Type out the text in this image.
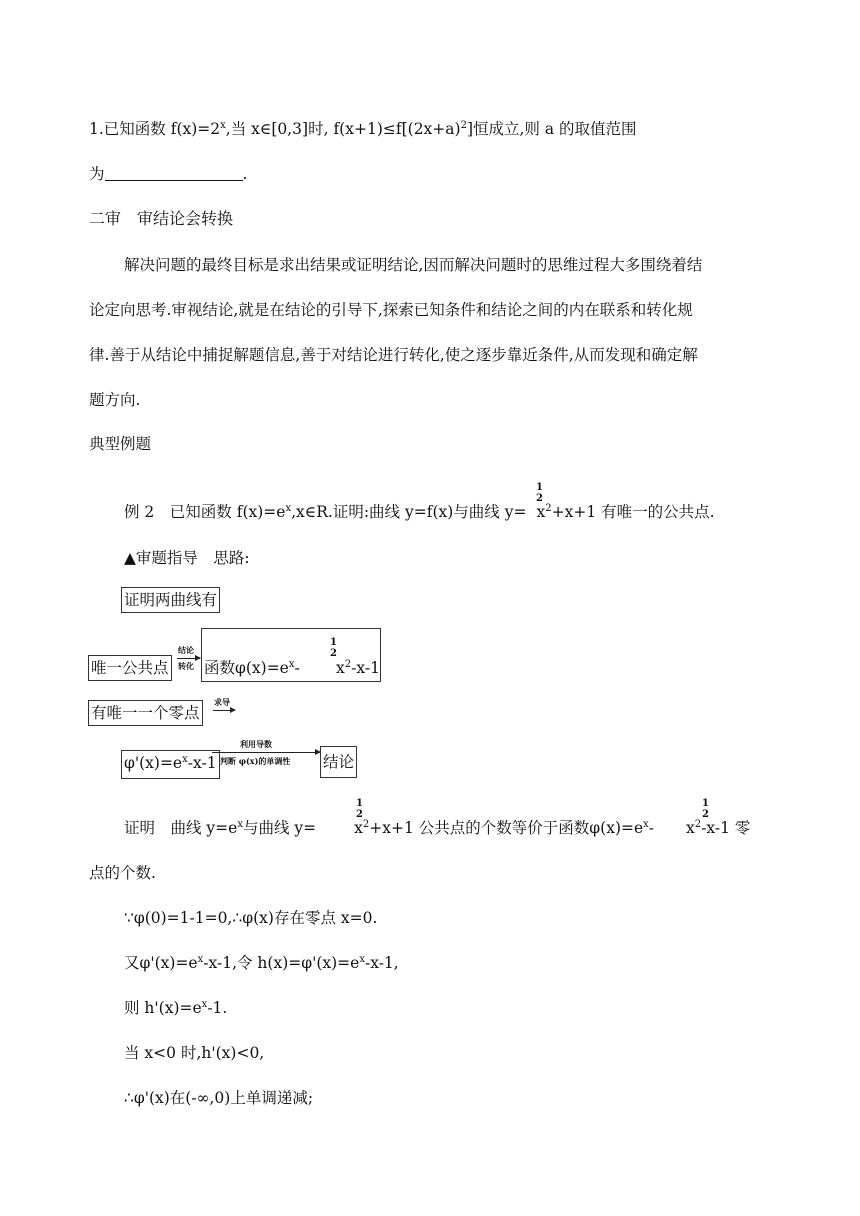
1.已知函数 $f(x)=2^x$,当 x∈[0,3]时, $f(x+1)\le f[(2x+a)^2]$恒成立,则 a 的取值范围
为	.
二审　审结论会转换
解决问题的最终目标是求出结果或证明结论,因而解决问题时的思维过程大多围绕着结
论定向思考.审视结论,就是在结论的引导下,探索已知条件和结论之间的内在联系和转化规
律.善于从结论中捕捉解题信息,善于对结论进行转化,使之逐步靠近条件,从而发现和确定解
题方向.
典型例题
例 2　已知函数 $f(x)=e^x,x\in R$.证明:曲线 y=f(x)与曲线 $y= x^2+x+1$ 有唯一的公共点.
1
2
▲审题指导　思路:
证明两曲线有
唯一公共点
结论
转化 函数$\varphi(x)=e^x-$
1
2
$x^2-x-1$
有唯一一个零点
求导
$\varphi'(x)=e^x-x-1$
利用导数
判断 φ(x)的单调性 结论
证明　曲线 $y=e^x$与曲线 $y= x^2+x+1$ 公共点的个数等价于函数$\varphi(x)=e^x-$ $x^2-x-1$ 零
1
2
1
2
点的个数.
∵φ(0)=1-1=0,∴φ(x)存在零点 x=0.
又$\varphi'(x)=e^x-x-1$,令 $h(x)=\varphi'(x)=e^x-x-1$,
则 $h'(x)=e^x-1$.
当 x<0 时,h'(x)<0,
∴φ'(x)在(-∞,0)上单调递减;
